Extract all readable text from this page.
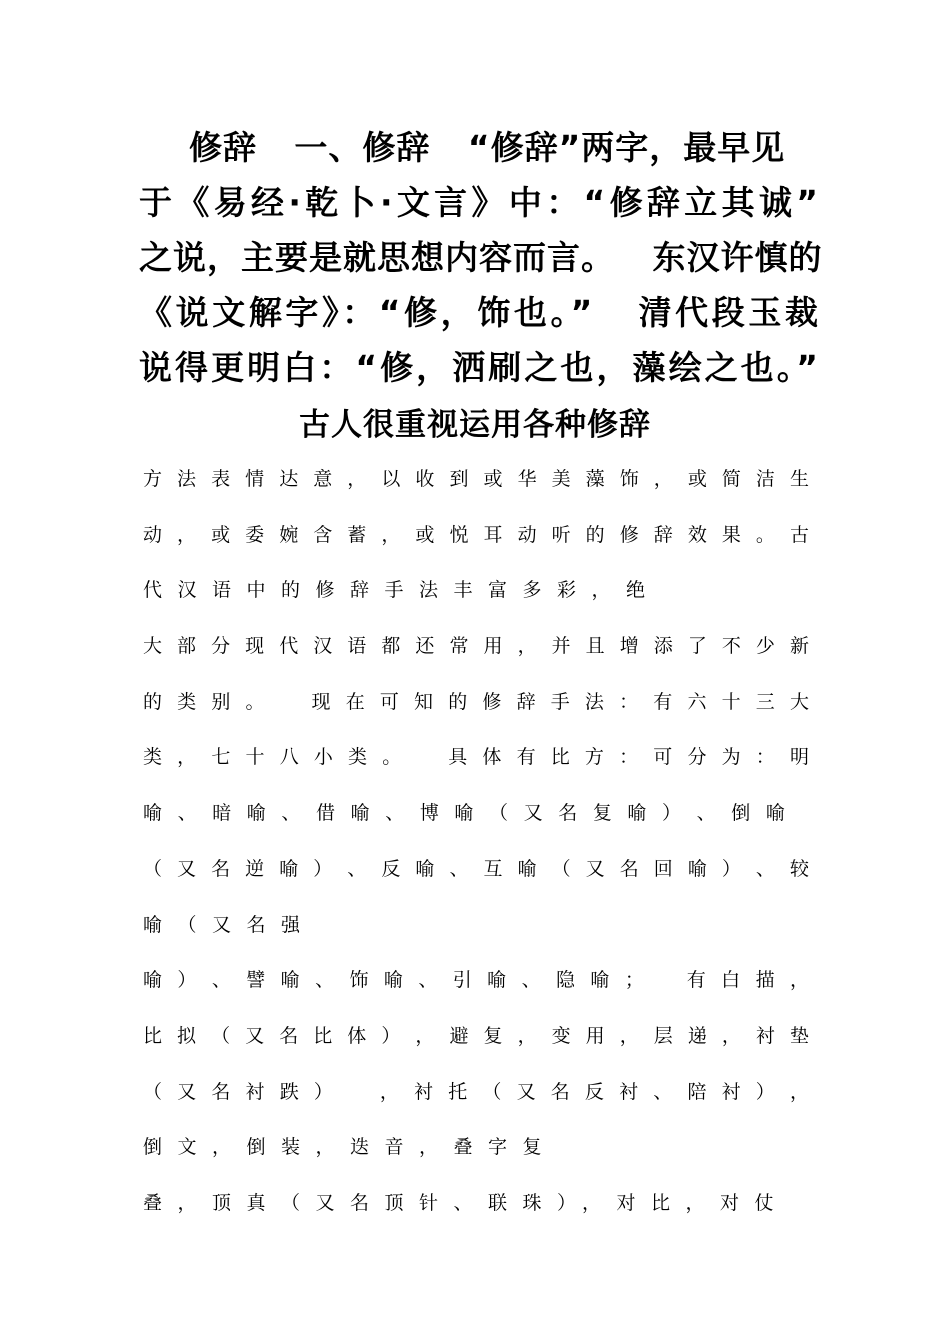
修辞   一、修辞   “修辞”两字，最早见
于《易经·乾卜·文言》中：“修辞立其诚”
之说，主要是就思想内容而言。   东汉许慎的
《说文解字》：“修，饰也。”   清代段玉裁
说得更明白：“修，洒刷之也，藻绘之也。”
古人很重视运用各种修辞
方 法 表 情 达 意 ， 以 收 到 或 华 美 藻 饰 ， 或 简 洁 生
动 ， 或 委 婉 含 蓄 ， 或 悦 耳 动 听 的 修 辞 效 果 。 古
代汉语中的修辞手法丰富多彩，绝
大 部 分 现 代 汉 语 都 还 常 用 ， 并 且 增 添 了 不 少 新
的 类 别 。    现 在 可 知 的 修 辞 手 法 ： 有 六 十 三 大
类 ， 七 十 八 小 类 。    具 体 有 比 方 ： 可 分 为 ： 明
喻 、 暗 喻 、 借 喻 、 博 喻 （ 又 名 复 喻 ） 、 倒 喻
（ 又 名 逆 喻 ） 、 反 喻 、 互 喻 （ 又 名 回 喻 ） 、 较
喻（又名强
喻 ） 、 譬 喻 、 饰 喻 、 引 喻 、 隐 喻 ；    有 白 描 ，
比 拟 （ 又 名 比 体 ） ， 避 复 ， 变 用 ， 层 递 ， 衬 垫
（ 又 名 衬 跌 ）    ， 衬 托 （ 又 名 反 衬 、 陪 衬 ） ，
倒文，倒装，迭音，叠字复
叠，顶真（又名顶针、联珠），对比，对仗
